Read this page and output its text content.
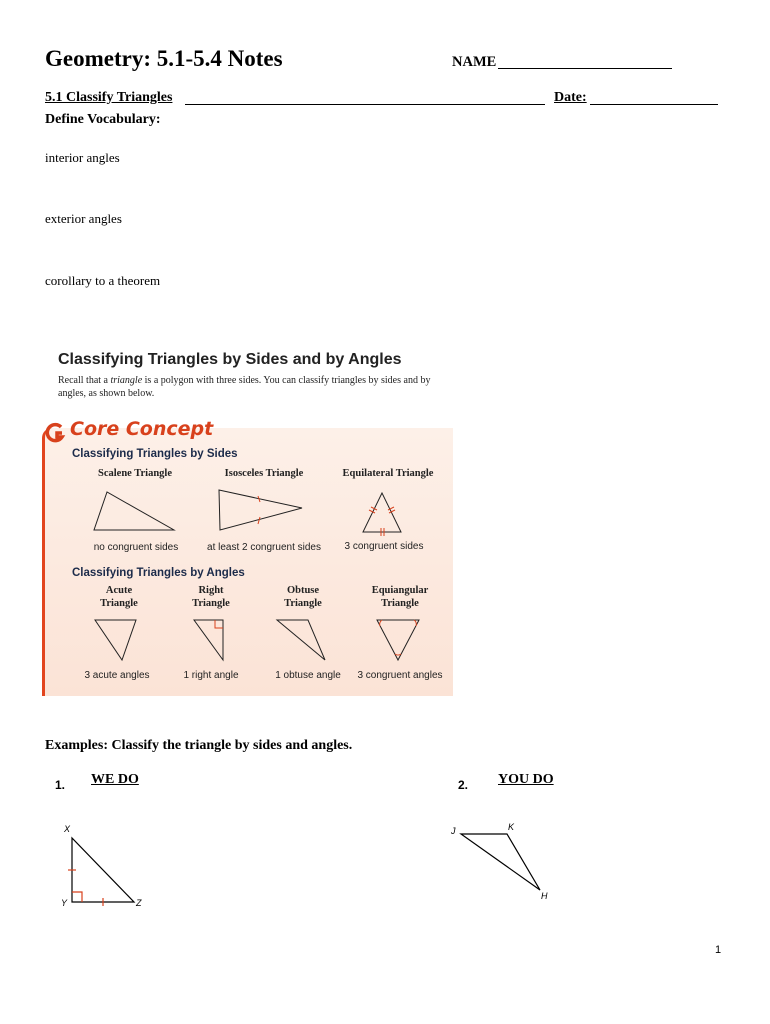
Geometry: 5.1-5.4 Notes	NAME
5.1 Classify Triangles	Date:
Define Vocabulary:
interior angles
exterior angles
corollary to a theorem
Classifying Triangles by Sides and by Angles
Recall that a triangle is a polygon with three sides. You can classify triangles by sides and by angles, as shown below.
Core Concept
Classifying Triangles by Sides
Scalene Triangle	Isosceles Triangle	Equilateral Triangle
no congruent sides	at least 2 congruent sides	3 congruent sides
Classifying Triangles by Angles
Acute
Triangle
Right
Triangle
Obtuse
Triangle
Equiangular
Triangle
3 acute angles	1 right angle	1 obtuse angle	3 congruent angles
Examples: Classify the triangle by sides and angles.
1. WE DO	2. YOU DO
X
Y	Z
J	K
H
1
